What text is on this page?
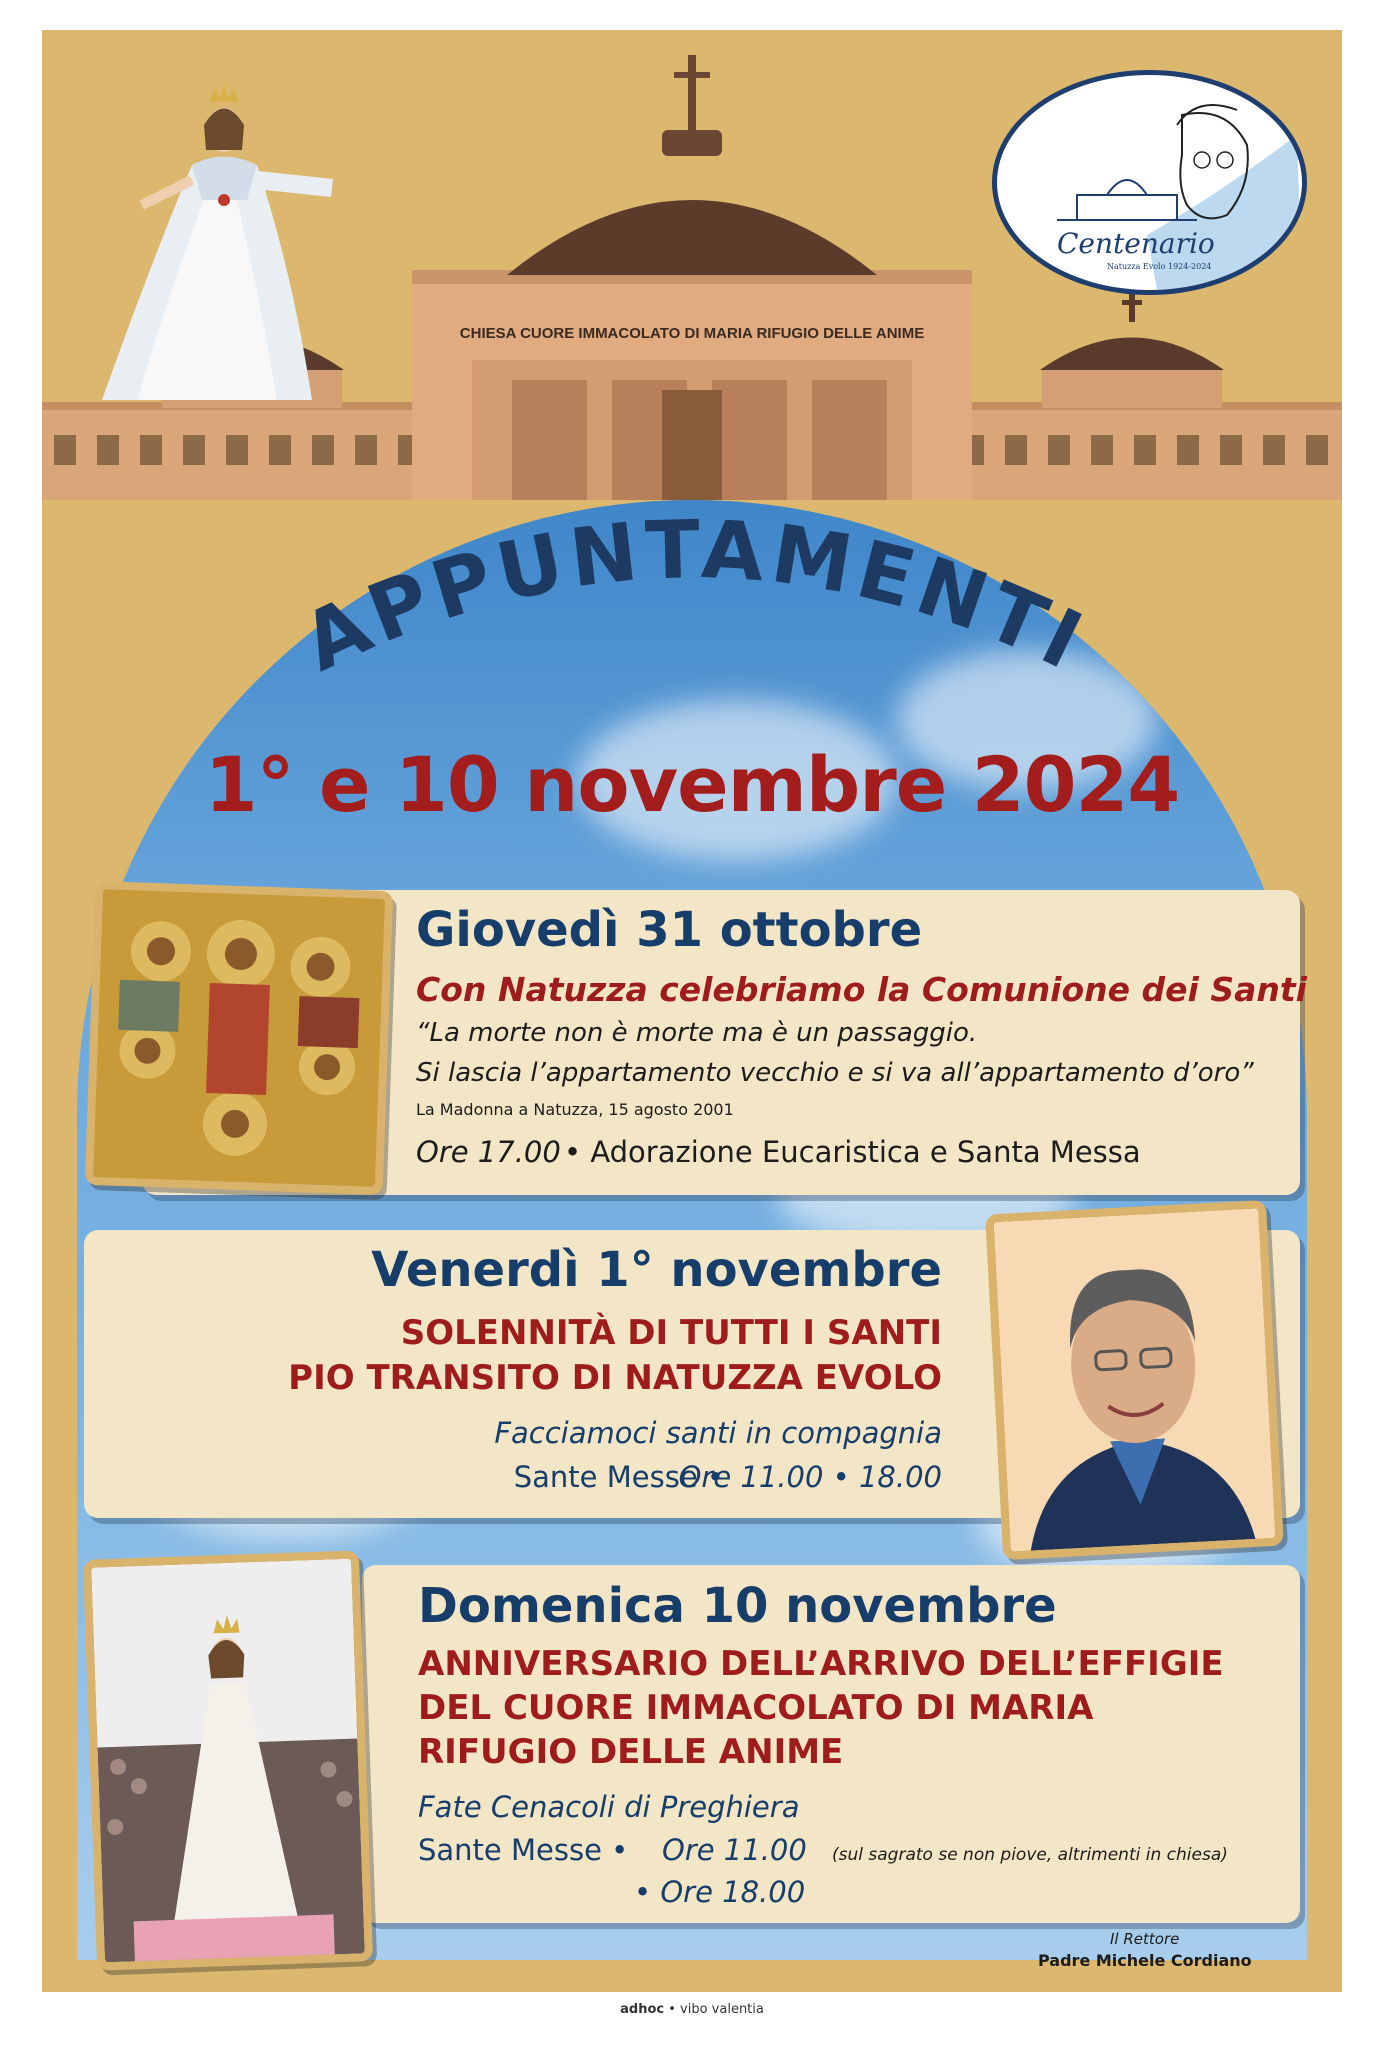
CHIESA CUORE IMMACOLATO DI MARIA RIFUGIO DELLE ANIME
Centenario
Natuzza Evolo 1924-2024
APPUNTAMENTI
1° e 10 novembre 2024
Giovedì 31 ottobre
Con Natuzza celebriamo la Comunione dei Santi
“La morte non è morte ma è un passaggio.
Si lascia l’appartamento vecchio e si va all’appartamento d’oro”
La Madonna a Natuzza, 15 agosto 2001
Ore 17.00 • Adorazione Eucaristica e Santa Messa
Venerdì 1° novembre
SOLENNITÀ DI TUTTI I SANTI
PIO TRANSITO DI NATUZZA EVOLO
Facciamoci santi in compagnia
Sante Messe •
Ore 11.00 • 18.00
Domenica 10 novembre
ANNIVERSARIO DELL’ARRIVO DELL’EFFIGIE
DEL CUORE IMMACOLATO DI MARIA
RIFUGIO DELLE ANIME
Fate Cenacoli di Preghiera
Sante Messe • Ore 11.00 (sul sagrato se non piove, altrimenti in chiesa)
• Ore 18.00
Il Rettore
Padre Michele Cordiano
adhoc • vibo valentia
